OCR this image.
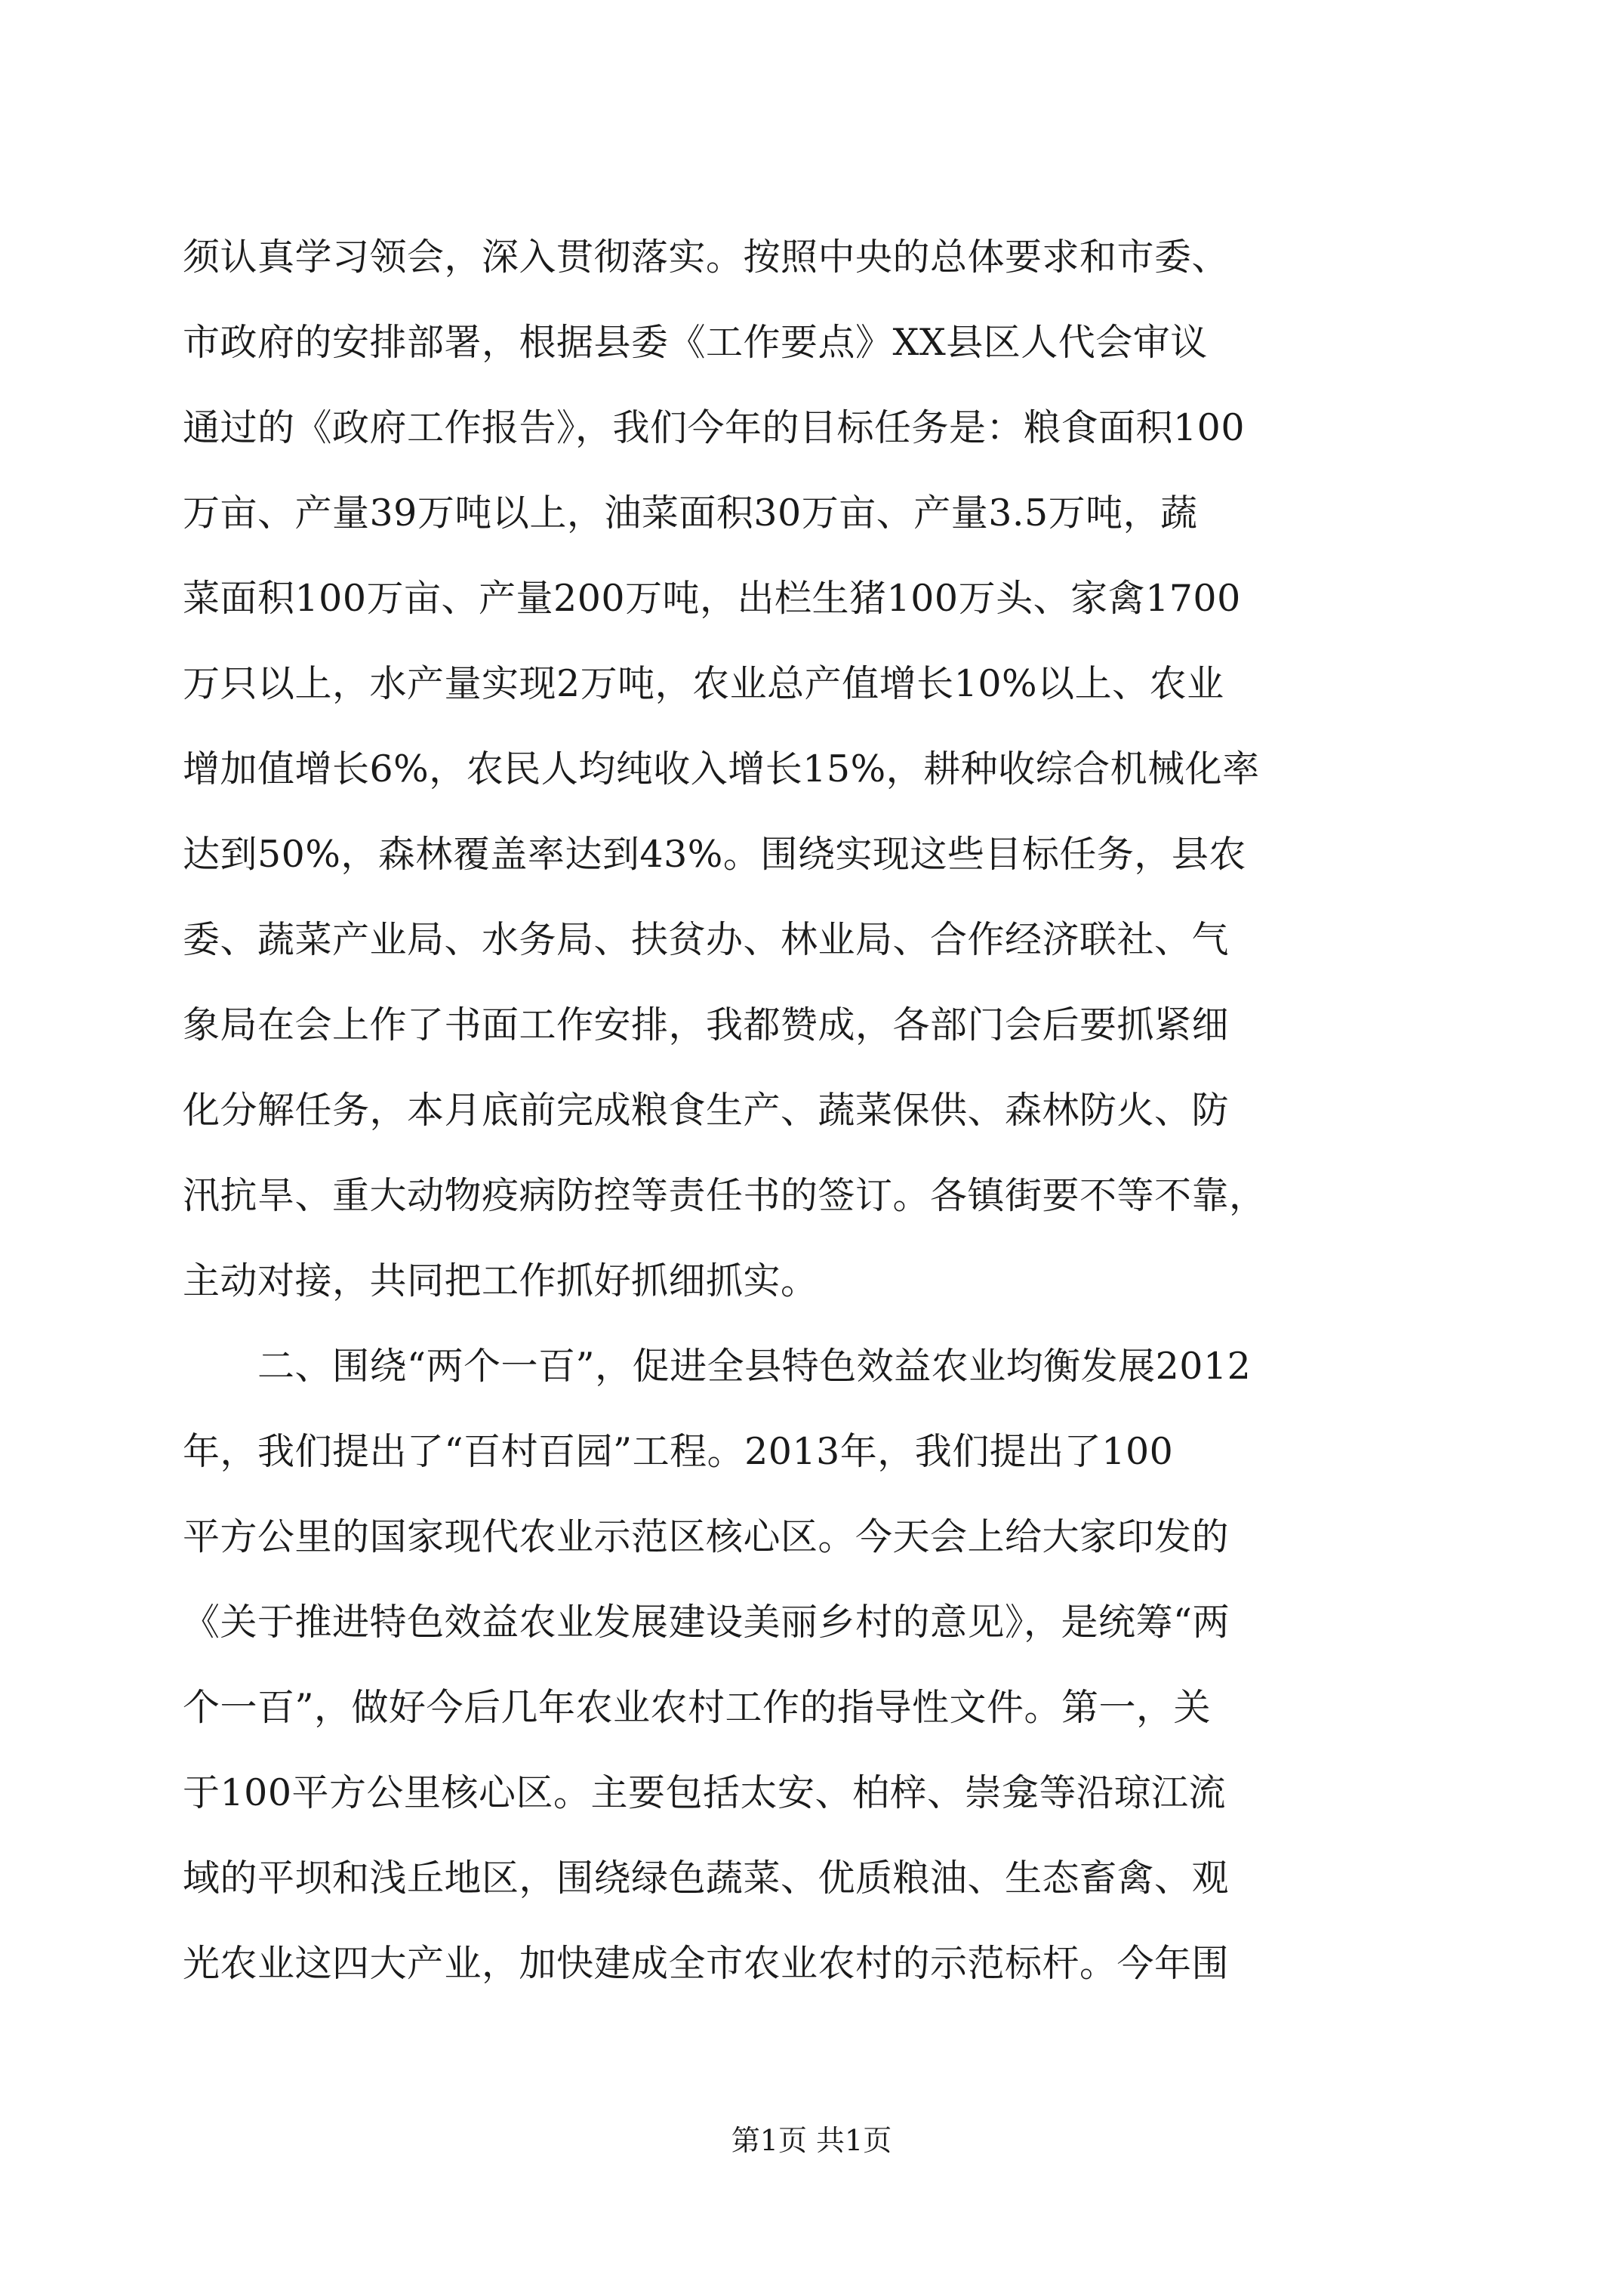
须认真学习领会，深入贯彻落实。按照中央的总体要求和市委、
市政府的安排部署，根据县委《工作要点》XX县区人代会审议
通过的《政府工作报告》，我们今年的目标任务是：粮食面积100
万亩、产量39万吨以上，油菜面积30万亩、产量3.5万吨，蔬
菜面积100万亩、产量200万吨，出栏生猪100万头、家禽1700
万只以上，水产量实现2万吨，农业总产值增长10%以上、农业
增加值增长6%，农民人均纯收入增长15%，耕种收综合机械化率
达到50%，森林覆盖率达到43%。围绕实现这些目标任务，县农
委、蔬菜产业局、水务局、扶贫办、林业局、合作经济联社、气
象局在会上作了书面工作安排，我都赞成，各部门会后要抓紧细
化分解任务，本月底前完成粮食生产、蔬菜保供、森林防火、防
汛抗旱、重大动物疫病防控等责任书的签订。各镇街要不等不靠，
主动对接，共同把工作抓好抓细抓实。
　　二、围绕“两个一百”，促进全县特色效益农业均衡发展2012
年，我们提出了“百村百园”工程。2013年，我们提出了100
平方公里的国家现代农业示范区核心区。今天会上给大家印发的
《关于推进特色效益农业发展建设美丽乡村的意见》，是统筹“两
个一百”，做好今后几年农业农村工作的指导性文件。第一，关
于100平方公里核心区。主要包括太安、柏梓、崇龛等沿琼江流
域的平坝和浅丘地区，围绕绿色蔬菜、优质粮油、生态畜禽、观
光农业这四大产业，加快建成全市农业农村的示范标杆。今年围
第1页 共1页
